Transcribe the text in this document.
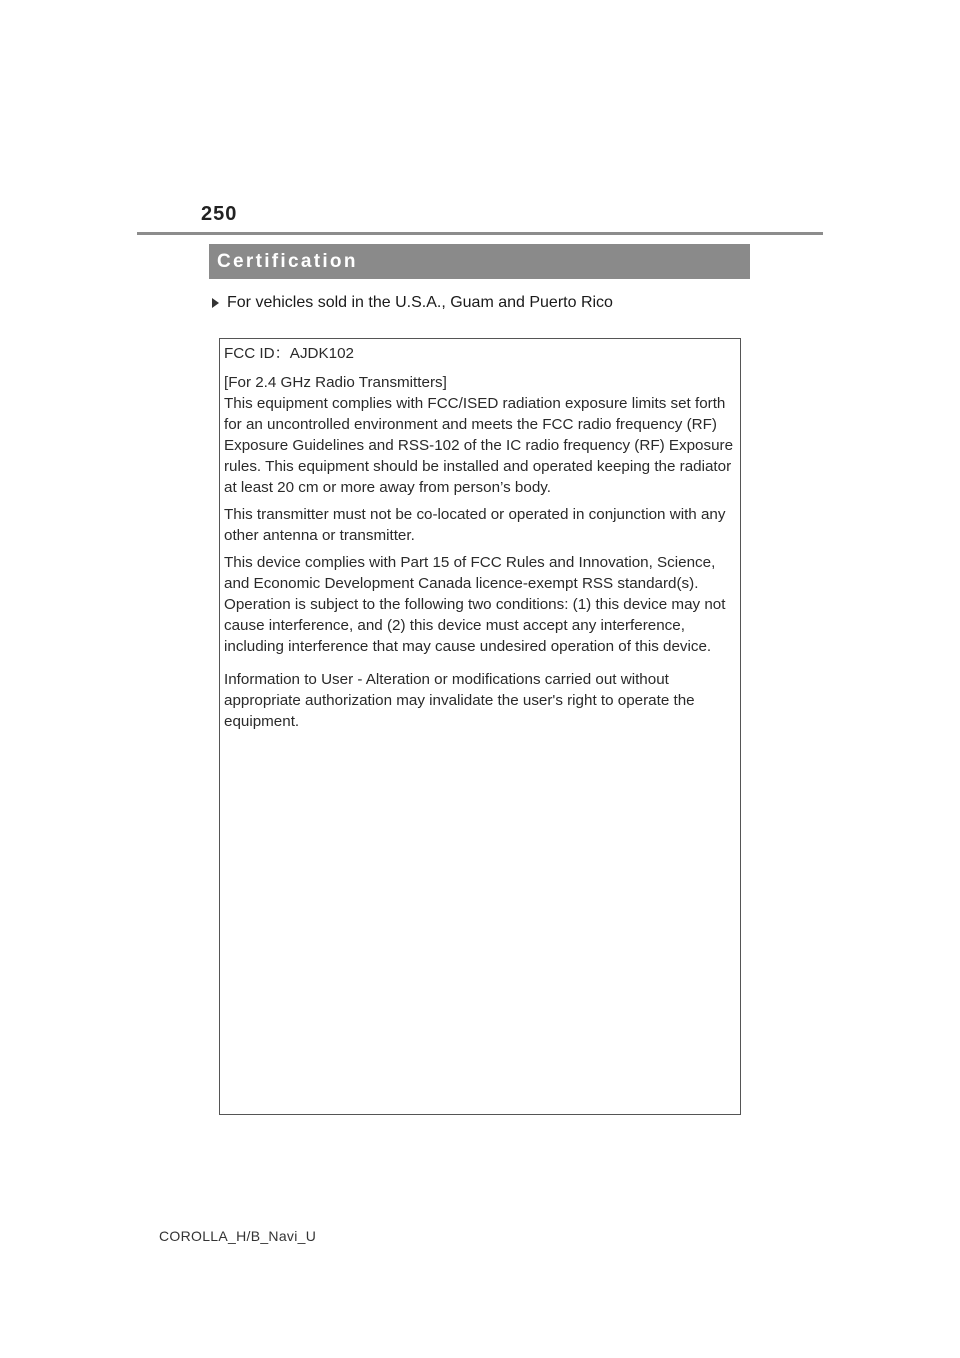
250
Certification
For vehicles sold in the U.S.A., Guam and Puerto Rico

FCC ID：AJDK102

[For 2.4 GHz Radio Transmitters]
This equipment complies with FCC/ISED radiation exposure limits set forth for an uncontrolled environment and meets the FCC radio frequency (RF) Exposure Guidelines and RSS-102 of the IC radio frequency (RF) Exposure rules. This equipment should be installed and operated keeping the radiator at least 20 cm or more away from person’s body.

This transmitter must not be co-located or operated in conjunction with any other antenna or transmitter.

This device complies with Part 15 of FCC Rules and Innovation, Science, and Economic Development Canada licence-exempt RSS standard(s). Operation is subject to the following two conditions: (1) this device may not cause interference, and (2) this device must accept any interference, including interference that may cause undesired operation of this device.

Information to User - Alteration or modifications carried out without appropriate authorization may invalidate the user's right to operate the equipment.

COROLLA_H/B_Navi_U
